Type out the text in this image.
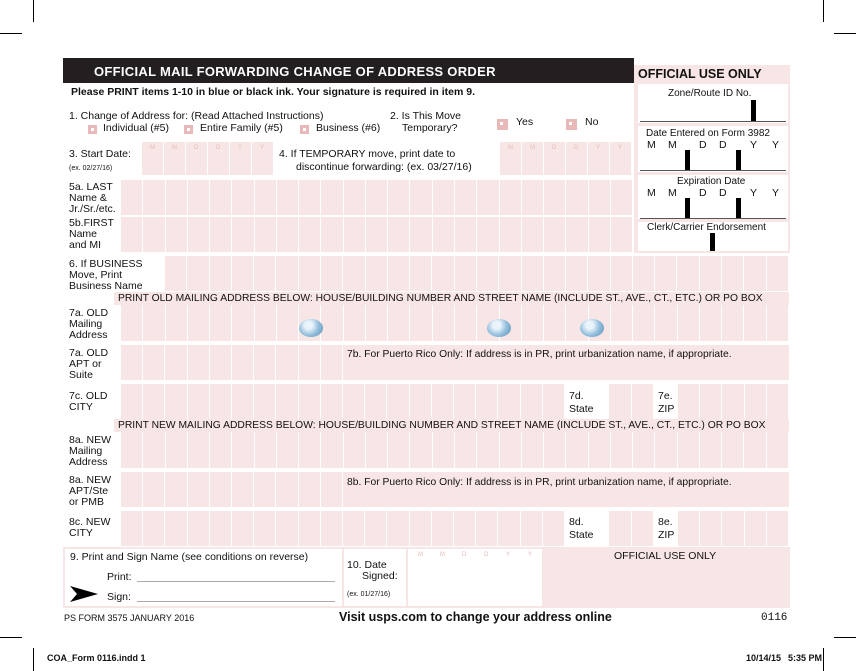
OFFICIAL MAIL FORWARDING CHANGE OF ADDRESS ORDER
Please PRINT items 1-10 in blue or black ink. Your signature is required in item 9.
1. Change of Address for: (Read Attached Instructions)
Individual (#5)	Entire Family (#5)	Business (#6)
2. Is This Move
Temporary?	Yes	No
3. Start Date:
(ex. 02/27/16)
M	M	D	D	Y	Y 4. If TEMPORARY move, print date to
discontinue forwarding: (ex. 03/27/16)
M	M	D	D	Y	Y
5a. LAST
Name &
Jr./Sr./etc.
5b.FIRST
Name
and MI
OFFICIAL USE ONLY
Zone/Route ID No.
Date Entered on Form 3982
M M D D Y Y
Expiration Date
M M D D Y Y
Clerk/Carrier Endorsement
6. If BUSINESS
Move, Print
Business Name
PRINT OLD MAILING ADDRESS BELOW: HOUSE/BUILDING NUMBER AND STREET NAME (INCLUDE ST., AVE., CT., ETC.) OR PO BOX
7a. OLD
Mailing
Address
7a. OLD
APT or
Suite
7b. For Puerto Rico Only: If address is in PR, print urbanization name, if appropriate.
7c. OLD
CITY
7d.
State
7e.
ZIP
PRINT NEW MAILING ADDRESS BELOW: HOUSE/BUILDING NUMBER AND STREET NAME (INCLUDE ST., AVE., CT., ETC.) OR PO BOX
8a. NEW
Mailing
Address
8a. NEW
APT/Ste
or PMB
8b. For Puerto Rico Only: If address is in PR, print urbanization name, if appropriate.
8c. NEW
CITY
8d.
State
8e.
ZIP
9. Print and Sign Name (see conditions on reverse)
Print:
Sign:
10. Date
Signed:
(ex. 01/27/16)
M	M	D	D	Y	Y	OFFICIAL USE ONLY
PS FORM 3575 JANUARY 2016	Visit usps.com to change your address online	0116
COA_Form 0116.indd 1	10/14/15 5:35 PM
